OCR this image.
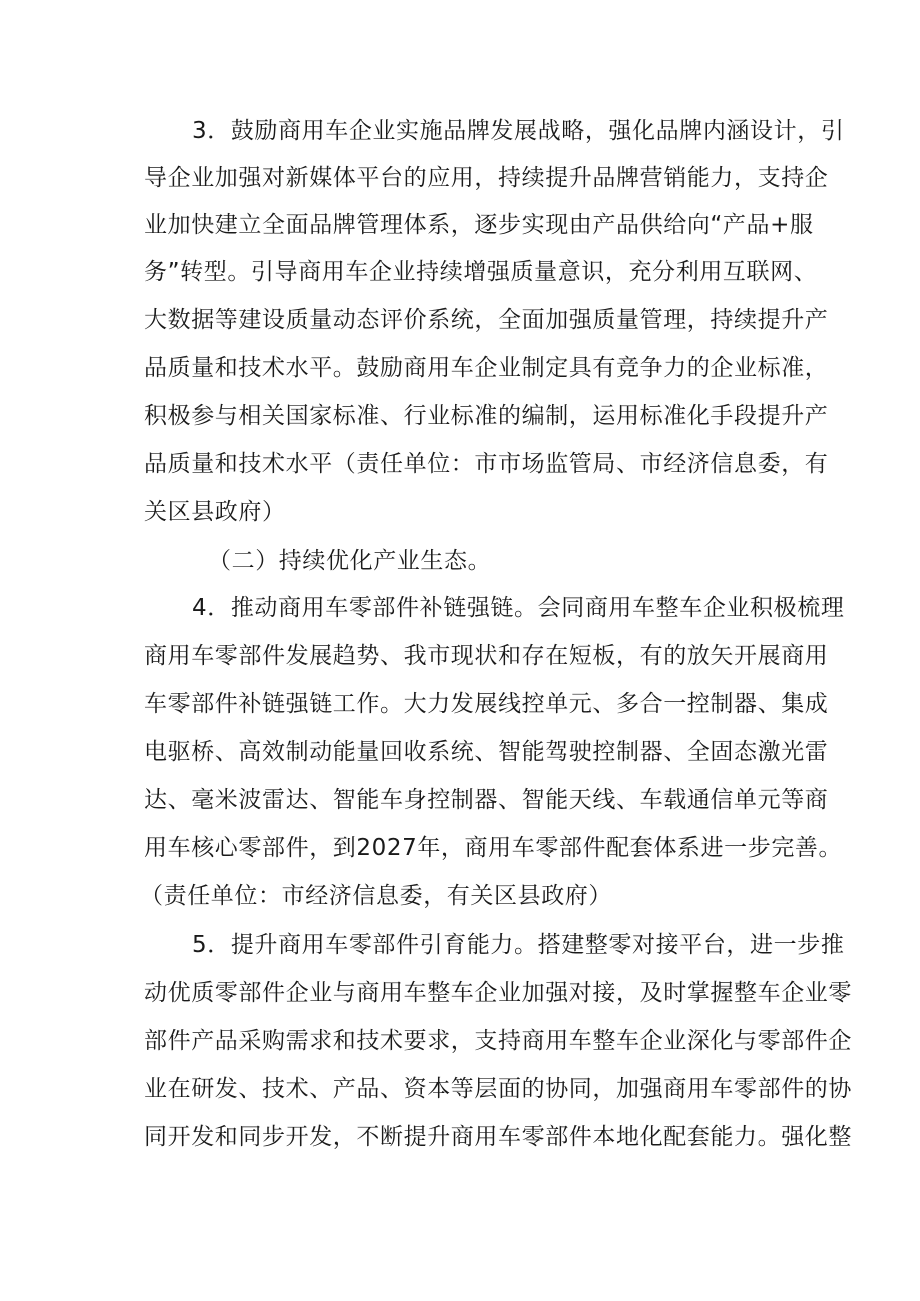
3．鼓励商用车企业实施品牌发展战略，强化品牌内涵设计，引
导企业加强对新媒体平台的应用，持续提升品牌营销能力，支持企
业加快建立全面品牌管理体系，逐步实现由产品供给向“产品+服
务”转型。引导商用车企业持续增强质量意识，充分利用互联网、
大数据等建设质量动态评价系统，全面加强质量管理，持续提升产
品质量和技术水平。鼓励商用车企业制定具有竞争力的企业标准，
积极参与相关国家标准、行业标准的编制，运用标准化手段提升产
品质量和技术水平（责任单位：市市场监管局、市经济信息委，有
关区县政府）
（二）持续优化产业生态。
4．推动商用车零部件补链强链。会同商用车整车企业积极梳理
商用车零部件发展趋势、我市现状和存在短板，有的放矢开展商用
车零部件补链强链工作。大力发展线控单元、多合一控制器、集成
电驱桥、高效制动能量回收系统、智能驾驶控制器、全固态激光雷
达、毫米波雷达、智能车身控制器、智能天线、车载通信单元等商
用车核心零部件，到2027年，商用车零部件配套体系进一步完善。
（责任单位：市经济信息委，有关区县政府）
5．提升商用车零部件引育能力。搭建整零对接平台，进一步推
动优质零部件企业与商用车整车企业加强对接，及时掌握整车企业零
部件产品采购需求和技术要求，支持商用车整车企业深化与零部件企
业在研发、技术、产品、资本等层面的协同，加强商用车零部件的协
同开发和同步开发，不断提升商用车零部件本地化配套能力。强化整
